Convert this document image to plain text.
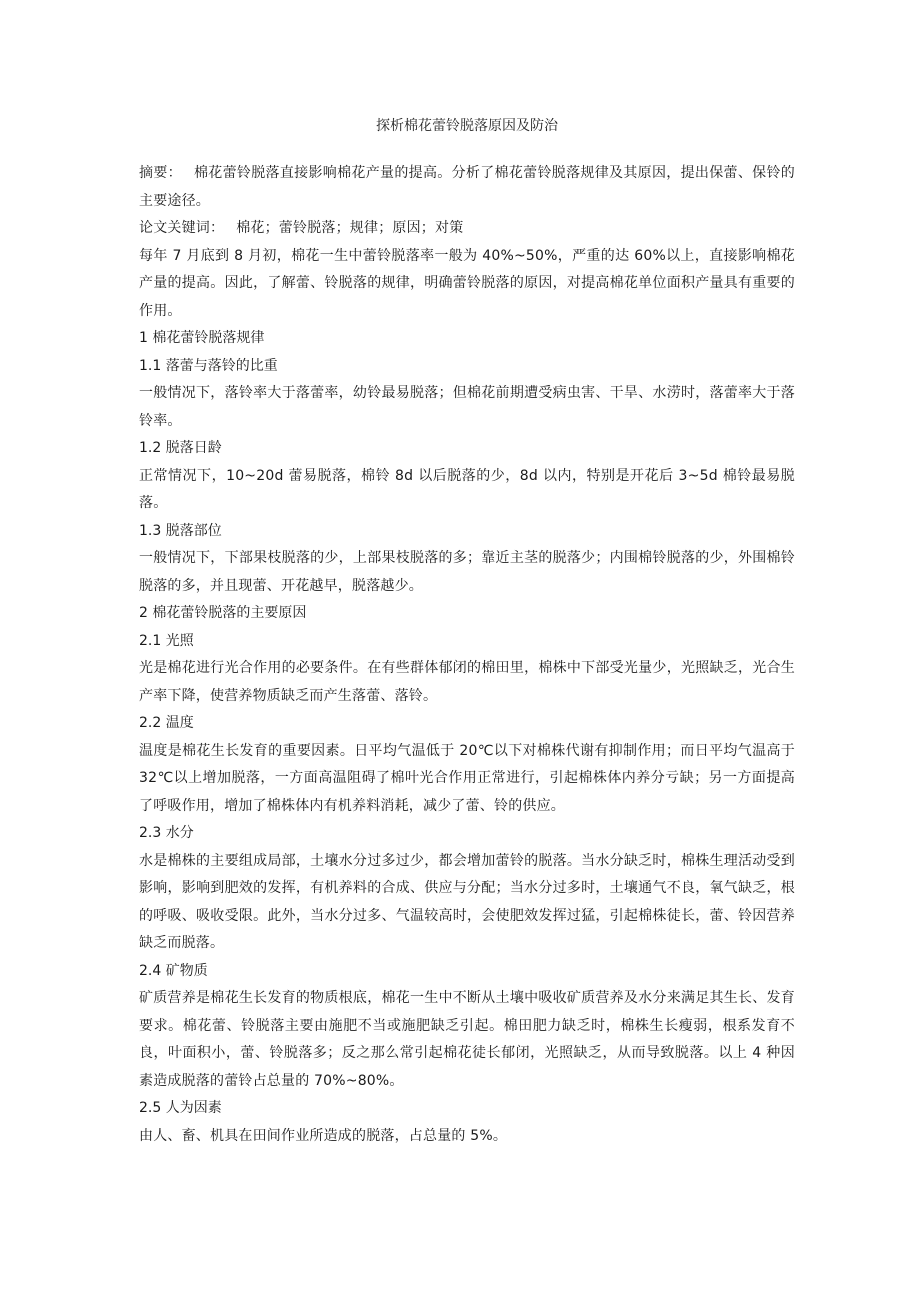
探析棉花蕾铃脱落原因及防治
摘要： 棉花蕾铃脱落直接影响棉花产量的提高。分析了棉花蕾铃脱落规律及其原因，提出保蕾、保铃的主要途径。
论文关键词： 棉花；蕾铃脱落；规律；原因；对策
每年 7 月底到 8 月初，棉花一生中蕾铃脱落率一般为 40%~50%，严重的达 60%以上，直接影响棉花产量的提高。因此，了解蕾、铃脱落的规律，明确蕾铃脱落的原因，对提高棉花单位面积产量具有重要的作用。
1 棉花蕾铃脱落规律
1.1 落蕾与落铃的比重
一般情况下，落铃率大于落蕾率，幼铃最易脱落；但棉花前期遭受病虫害、干旱、水涝时，落蕾率大于落铃率。
1.2 脱落日龄
正常情况下，10~20d 蕾易脱落，棉铃 8d 以后脱落的少，8d 以内，特别是开花后 3~5d 棉铃最易脱落。
1.3 脱落部位
一般情况下，下部果枝脱落的少，上部果枝脱落的多；靠近主茎的脱落少；内围棉铃脱落的少，外围棉铃脱落的多，并且现蕾、开花越早，脱落越少。
2 棉花蕾铃脱落的主要原因
2.1 光照
光是棉花进行光合作用的必要条件。在有些群体郁闭的棉田里，棉株中下部受光量少，光照缺乏，光合生产率下降，使营养物质缺乏而产生落蕾、落铃。
2.2 温度
温度是棉花生长发育的重要因素。日平均气温低于 20℃以下对棉株代谢有抑制作用；而日平均气温高于 32℃以上增加脱落，一方面高温阻碍了棉叶光合作用正常进行，引起棉株体内养分亏缺；另一方面提高了呼吸作用，增加了棉株体内有机养料消耗，减少了蕾、铃的供应。
2.3 水分
水是棉株的主要组成局部，土壤水分过多过少，都会增加蕾铃的脱落。当水分缺乏时，棉株生理活动受到影响，影响到肥效的发挥，有机养料的合成、供应与分配；当水分过多时，土壤通气不良，氧气缺乏，根的呼吸、吸收受限。此外，当水分过多、气温较高时，会使肥效发挥过猛，引起棉株徒长，蕾、铃因营养缺乏而脱落。
2.4 矿物质
矿质营养是棉花生长发育的物质根底，棉花一生中不断从土壤中吸收矿质营养及水分来满足其生长、发育要求。棉花蕾、铃脱落主要由施肥不当或施肥缺乏引起。棉田肥力缺乏时，棉株生长瘦弱，根系发育不良，叶面积小，蕾、铃脱落多；反之那么常引起棉花徒长郁闭，光照缺乏，从而导致脱落。以上 4 种因素造成脱落的蕾铃占总量的 70%~80%。
2.5 人为因素
由人、畜、机具在田间作业所造成的脱落，占总量的 5%。
